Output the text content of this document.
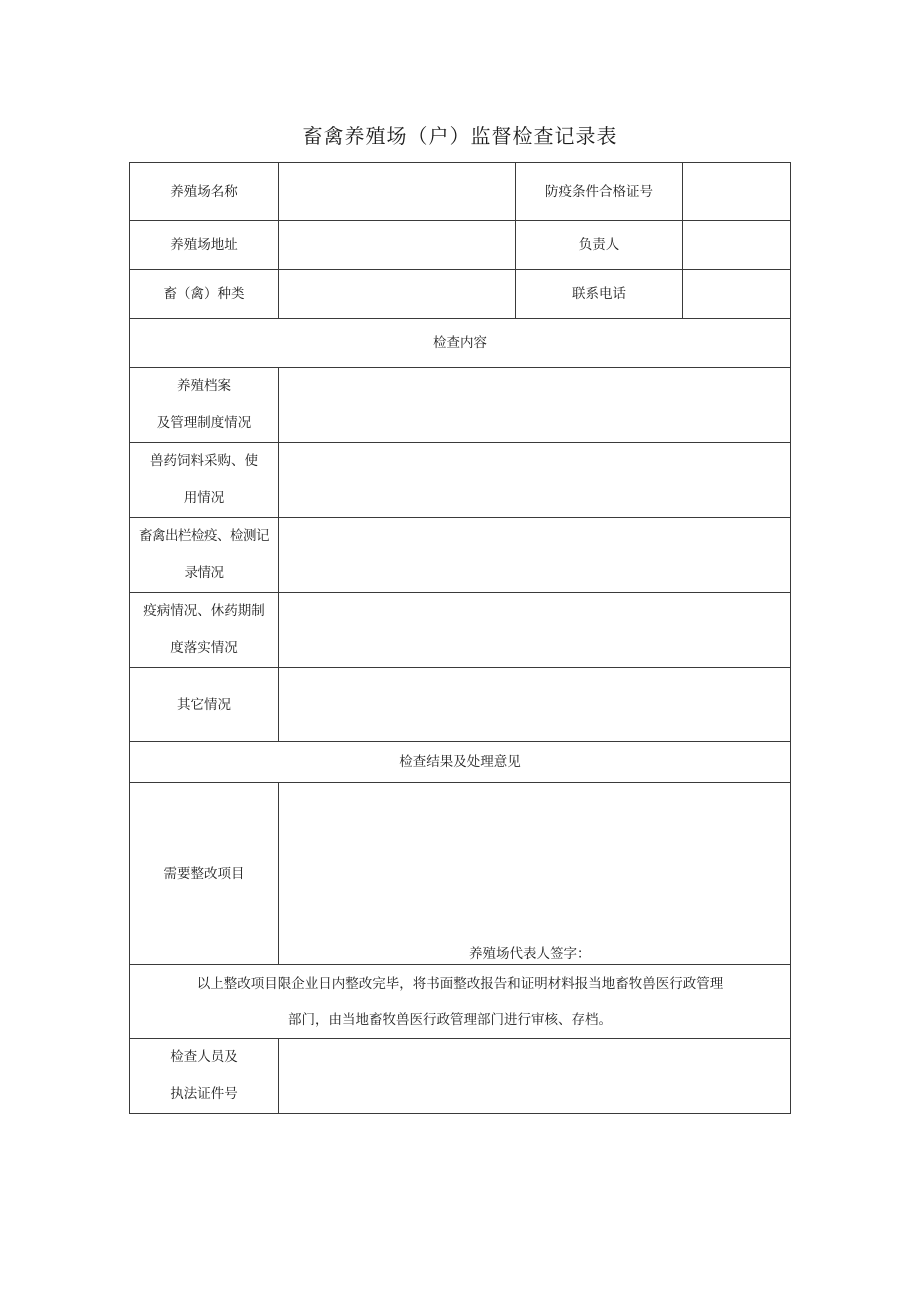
畜禽养殖场（户）监督检查记录表
养殖场名称		防疫条件合格证号	
养殖场地址		负责人	
畜（禽）种类		联系电话	
检查内容			

养殖档案
及管理制度情况			

兽药饲料采购、使
用情况			

畜禽出栏检疫、检测记
录情况			

疫病情况、休药期制
度落实情况			

其它情况			

检查结果及处理意见			
需要整改项目	养殖场代表人签字：		

以上整改项目限企业日内整改完毕，将书面整改报告和证明材料报当地畜牧兽医行政管理
部门，由当地畜牧兽医行政管理部门进行审核、存档。			

检查人员及
执法证件号			
